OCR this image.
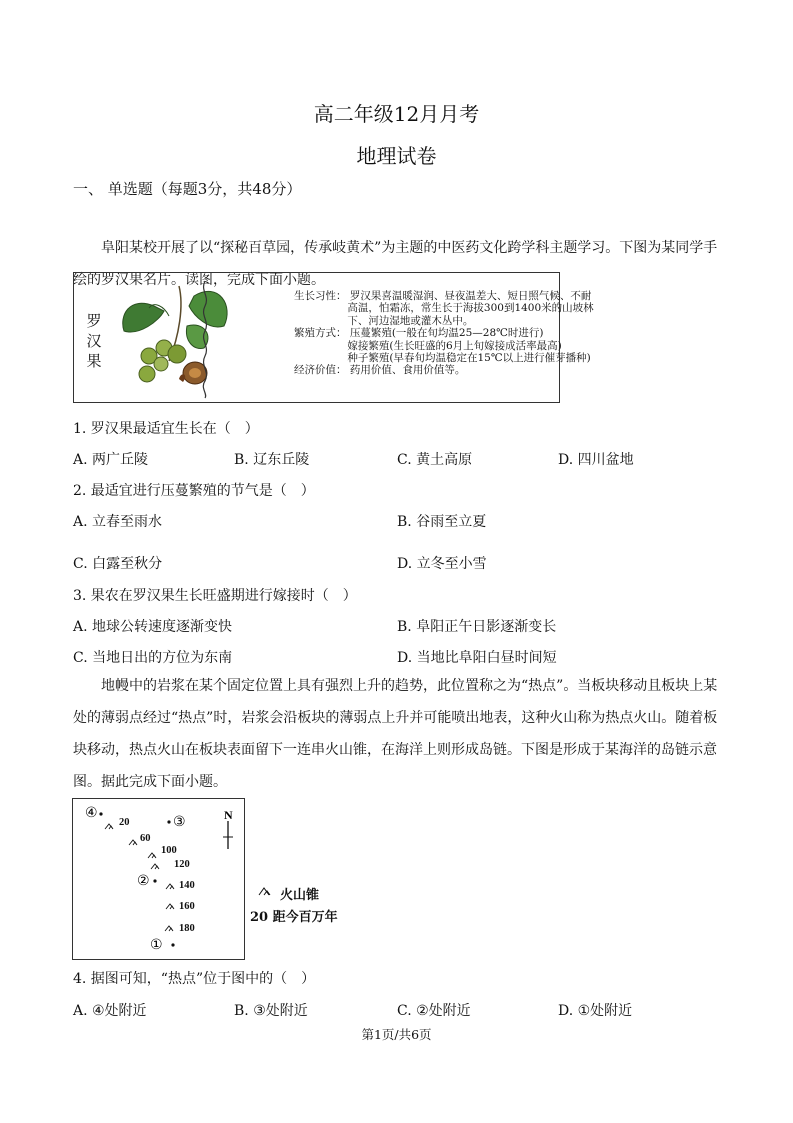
高二年级12月月考
地理试卷
一、 单选题（每题3分，共48分）
阜阳某校开展了以“探秘百草园，传承岐黄术”为主题的中医药文化跨学科主题学习。下图为某同学手绘的罗汉果名片。读图，完成下面小题。
罗汉果
生长习性： 罗汉果喜温暖湿润、昼夜温差大、短日照气候、不耐
高温，怕霜冻，常生长于海拔300到1400米的山坡林
下、河边湿地或灌木丛中。
繁殖方式： 压蔓繁殖(一般在旬均温25—28℃时进行)
嫁接繁殖(生长旺盛的6月上旬嫁接成活率最高)
种子繁殖(早春旬均温稳定在15℃以上进行催芽播种)
经济价值： 药用价值、食用价值等。
1. 罗汉果最适宜生长在（　）
A. 两广丘陵	B. 辽东丘陵	C. 黄土高原	D. 四川盆地
2. 最适宜进行压蔓繁殖的节气是（　）
A. 立春至雨水	B. 谷雨至立夏
C. 白露至秋分	D. 立冬至小雪
3. 果农在罗汉果生长旺盛期进行嫁接时（　）
A. 地球公转速度逐渐变快	B. 阜阳正午日影逐渐变长
C. 当地日出的方位为东南	D. 当地比阜阳白昼时间短
地幔中的岩浆在某个固定位置上具有强烈上升的趋势，此位置称之为“热点”。当板块移动且板块上某处的薄弱点经过“热点”时，岩浆会沿板块的薄弱点上升并可能喷出地表，这种火山称为热点火山。随着板块移动，热点火山在板块表面留下一连串火山锥，在海洋上则形成岛链。下图是形成于某海洋的岛链示意图。据此完成下面小题。
N
④
③
②
①
20
60
100
120
140
160
180
火山锥
20 距今百万年
4. 据图可知，“热点”位于图中的（　）
A. ④处附近	B. ③处附近	C. ②处附近	D. ①处附近
第1页/共6页
